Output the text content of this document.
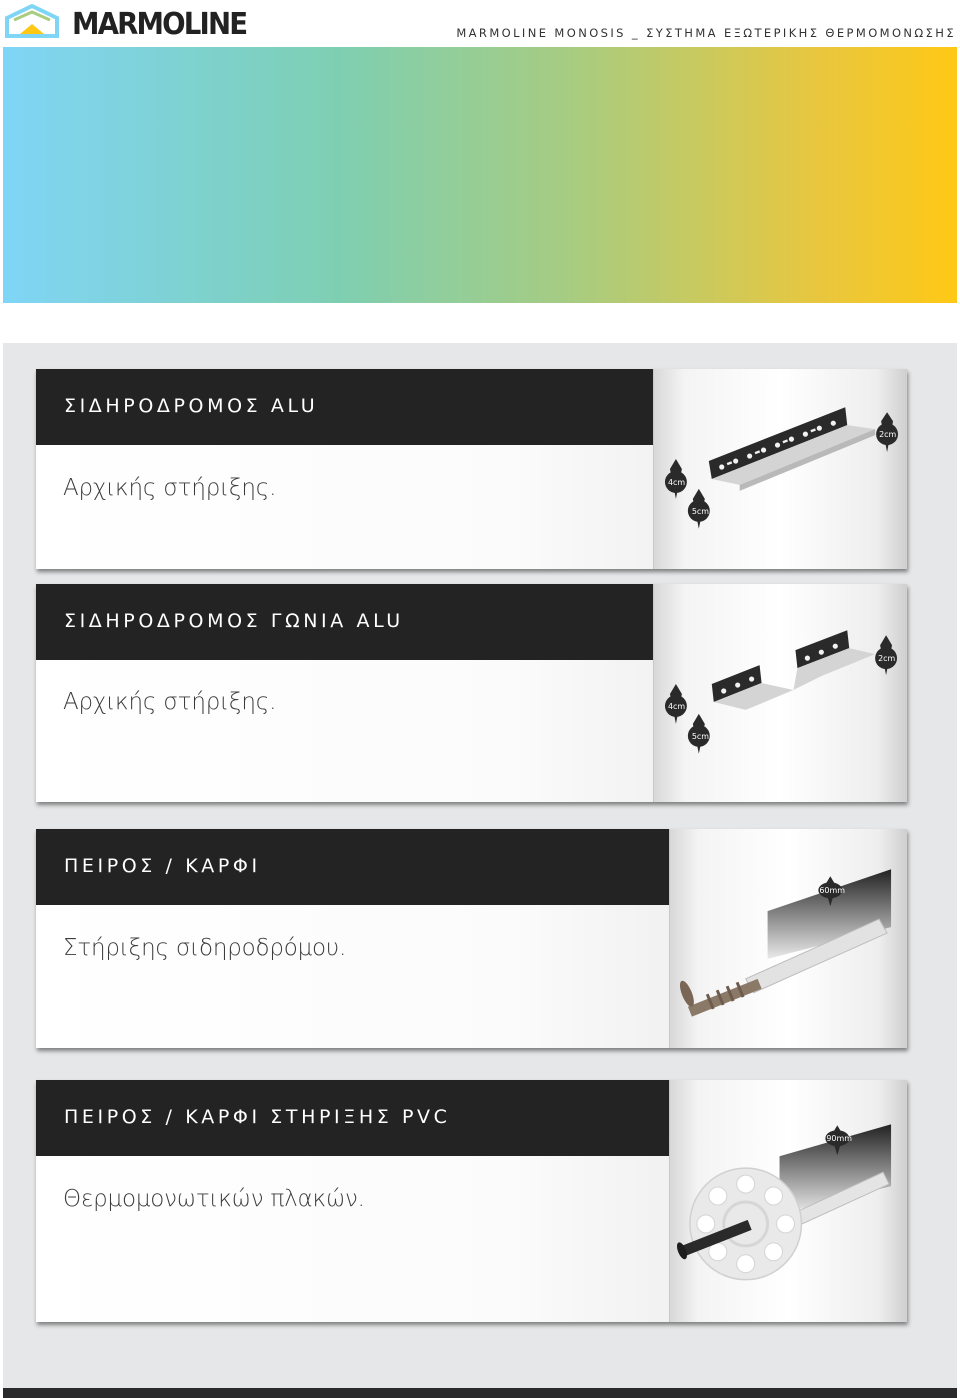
MARMOLINE	MARMOLINE MONOSIS _ ΣΥΣΤΗΜΑ ΕΞΩΤΕΡΙΚΗΣ ΘΕΡΜΟΜΟΝΩΣΗΣ
ΣΙΔΗΡΟΔΡΟΜΟΣ ALU
Αρχικής στήριξης.
2cm
4cm
5cm
ΣΙΔΗΡΟΔΡΟΜΟΣ ΓΩΝΙΑ ALU
Αρχικής στήριξης.
2cm
4cm
5cm
ΠΕΙΡΟΣ / ΚΑΡΦΙ
Στήριξης σιδηροδρόμου.
60mm
ΠΕΙΡΟΣ / ΚΑΡΦΙ ΣΤΗΡΙΞΗΣ PVC
Θερμομονωτικών πλακών.
90mm
